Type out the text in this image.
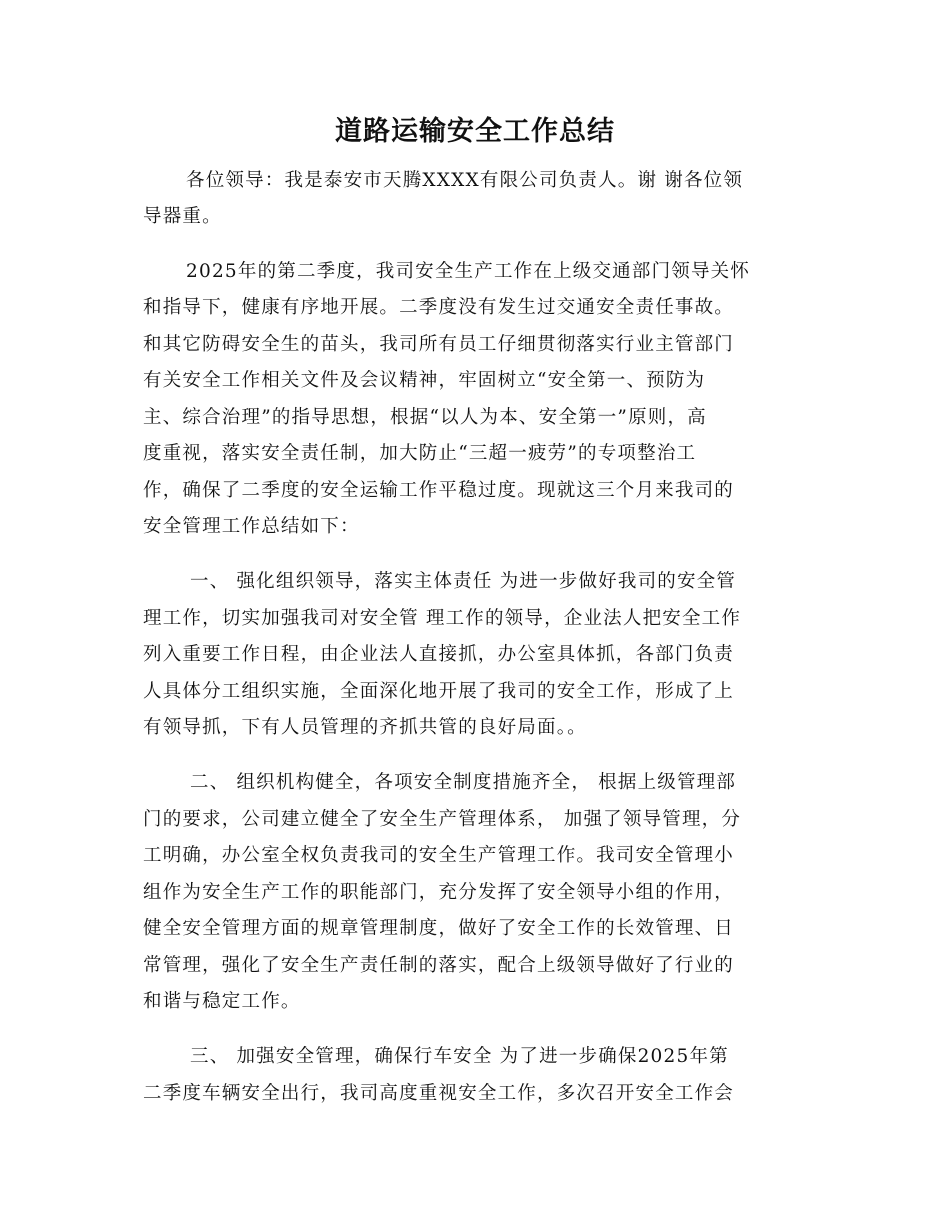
道路运输安全工作总结

各位领导：我是泰安市天腾XXXX有限公司负责人。谢 谢各位领

导器重。

2025年的第二季度，我司安全生产工作在上级交通部门领导关怀

和指导下，健康有序地开展。二季度没有发生过交通安全责任事故。

和其它防碍安全生的苗头，我司所有员工仔细贯彻落实行业主管部门

有关安全工作相关文件及会议精神，牢固树立“安全第一、预防为

主、综合治理”的指导思想，根据“以人为本、安全第一”原则，高

度重视，落实安全责任制，加大防止“三超一疲劳”的专项整治工

作，确保了二季度的安全运输工作平稳过度。现就这三个月来我司的

安全管理工作总结如下：

一、 强化组织领导，落实主体责任 为进一步做好我司的安全管

理工作，切实加强我司对安全管 理工作的领导，企业法人把安全工作

列入重要工作日程，由企业法人直接抓，办公室具体抓，各部门负责

人具体分工组织实施，全面深化地开展了我司的安全工作，形成了上

有领导抓，下有人员管理的齐抓共管的良好局面。。

二、 组织机构健全，各项安全制度措施齐全， 根据上级管理部

门的要求，公司建立健全了安全生产管理体系， 加强了领导管理，分

工明确，办公室全权负责我司的安全生产管理工作。我司安全管理小

组作为安全生产工作的职能部门，充分发挥了安全领导小组的作用，

健全安全管理方面的规章管理制度，做好了安全工作的长效管理、日

常管理，强化了安全生产责任制的落实，配合上级领导做好了行业的

和谐与稳定工作。

三、 加强安全管理，确保行车安全 为了进一步确保2025年第

二季度车辆安全出行，我司高度重视安全工作，多次召开安全工作会
